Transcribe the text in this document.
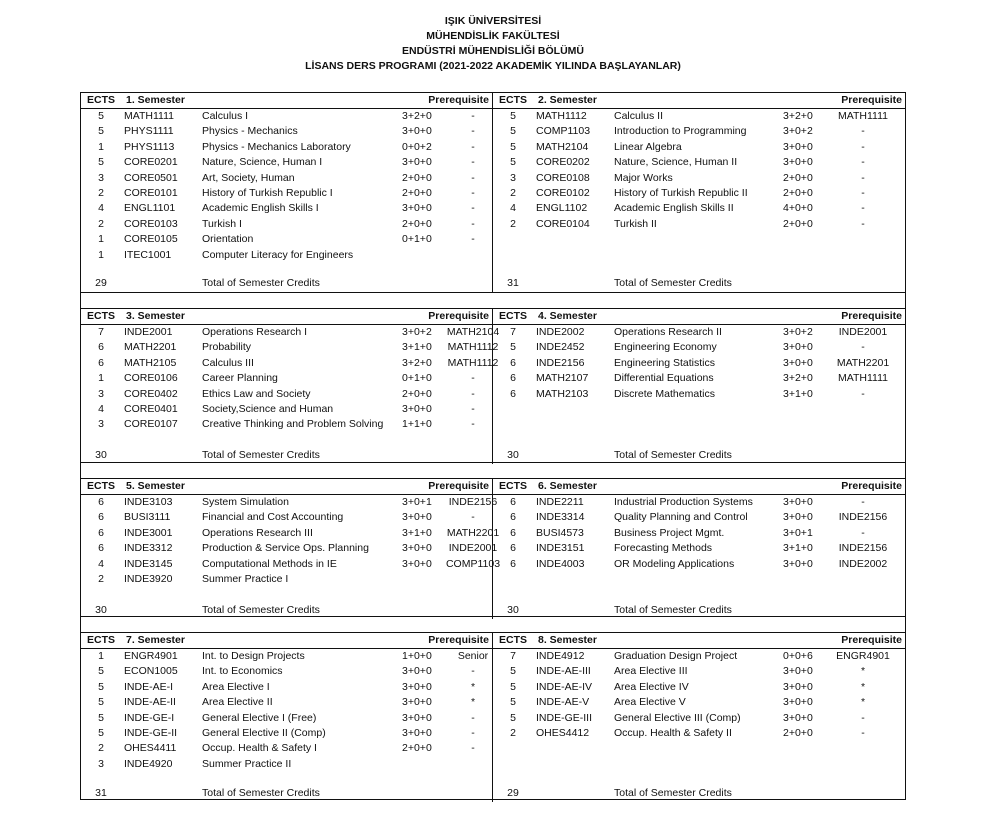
IŞIK ÜNİVERSİTESİ
MÜHENDİSLİK FAKÜLTESİ
ENDÜSTRİ MÜHENDİSLİĞİ BÖLÜMÜ
LİSANS DERS PROGRAMI (2021-2022 AKADEMİK YILINDA BAŞLAYANLAR)
ECTS	1. Semester	Prerequisite
5	MATH1111	Calculus I	3+2+0	-
5	PHYS1111	Physics - Mechanics	3+0+0	-
1	PHYS1113	Physics - Mechanics Laboratory	0+0+2	-
5	CORE0201 Nature, Science, Human I	3+0+0	-
3	CORE0501 Art, Society, Human	2+0+0	-
2	CORE0101 History of Turkish Republic I	2+0+0	-
4	ENGL1101	Academic English Skills I	3+0+0	-
2	CORE0103 Turkish I	2+0+0	-
1	CORE0105 Orientation	0+1+0	-
1	ITEC1001	Computer Literacy for Engineers
29	Total of Semester Credits
ECTS	2. Semester	Prerequisite
5	MATH1112	Calculus II	3+2+0	MATH1111
5	COMP1103 Introduction to Programming	3+0+2	-
5	MATH2104 Linear Algebra	3+0+0	-
5	CORE0202 Nature, Science, Human II	3+0+0	-
3	CORE0108 Major Works	2+0+0	-
2	CORE0102 History of Turkish Republic II	2+0+0	-
4	ENGL1102	Academic English Skills II	4+0+0	-
2	CORE0104 Turkish II	2+0+0	-
31	Total of Semester Credits
ECTS	3. Semester	Prerequisite
7	INDE2001	Operations Research I	3+0+2	MATH2104
6	MATH2201 Probability	3+1+0	MATH1112
6	MATH2105 Calculus III	3+2+0	MATH1112
1	CORE0106 Career Planning	0+1+0	-
3	CORE0402 Ethics Law and Society	2+0+0	-
4	CORE0401 Society,Science and Human	3+0+0	-
3	CORE0107 Creative Thinking and Problem Solving 1+1+0	-
30	Total of Semester Credits
ECTS	4. Semester	Prerequisite
7	INDE2002	Operations Research II	3+0+2	INDE2001
5	INDE2452	Engineering Economy	3+0+0	-
6	INDE2156	Engineering Statistics	3+0+0	MATH2201
6	MATH2107 Differential Equations	3+2+0	MATH1111
6	MATH2103 Discrete Mathematics	3+1+0	-
30	Total of Semester Credits
ECTS	5. Semester	Prerequisite
6	INDE3103	System Simulation	3+0+1	INDE2156
6	BUSI3111	Financial and Cost Accounting	3+0+0	-
6	INDE3001	Operations Research III	3+1+0	MATH2201
6	INDE3312	Production & Service Ops. Planning	3+0+0	INDE2001
4	INDE3145	Computational Methods in IE	3+0+0	COMP1103
2	INDE3920	Summer Practice I
30	Total of Semester Credits
ECTS	6. Semester	Prerequisite
6	INDE2211	Industrial Production Systems	3+0+0	-
6	INDE3314	Quality Planning and Control	3+0+0	INDE2156
6	BUSI4573	Business Project Mgmt.	3+0+1	-
6	INDE3151	Forecasting Methods	3+1+0	INDE2156
6	INDE4003	OR Modeling Applications	3+0+0	INDE2002
30	Total of Semester Credits
ECTS	7. Semester	Prerequisite
1	ENGR4901 Int. to Design Projects	1+0+0	Senior
5	ECON1005 Int. to Economics	3+0+0	-
5	INDE-AE-I	Area Elective I	3+0+0	*
5	INDE-AE-II Area Elective II	3+0+0	*
5	INDE-GE-I	General Elective I (Free)	3+0+0	-
5	INDE-GE-II General Elective II (Comp)	3+0+0	-
2	OHES4411 Occup. Health & Safety I	2+0+0	-
3	INDE4920	Summer Practice II
31	Total of Semester Credits
ECTS	8. Semester	Prerequisite
7	INDE4912	Graduation Design Project	0+0+6	ENGR4901
5	INDE-AE-III Area Elective III	3+0+0	*
5	INDE-AE-IV Area Elective IV	3+0+0	*
5	INDE-AE-V Area Elective V	3+0+0	*
5	INDE-GE-III General Elective III (Comp)	3+0+0	-
2	OHES4412 Occup. Health & Safety II	2+0+0	-
29	Total of Semester Credits
